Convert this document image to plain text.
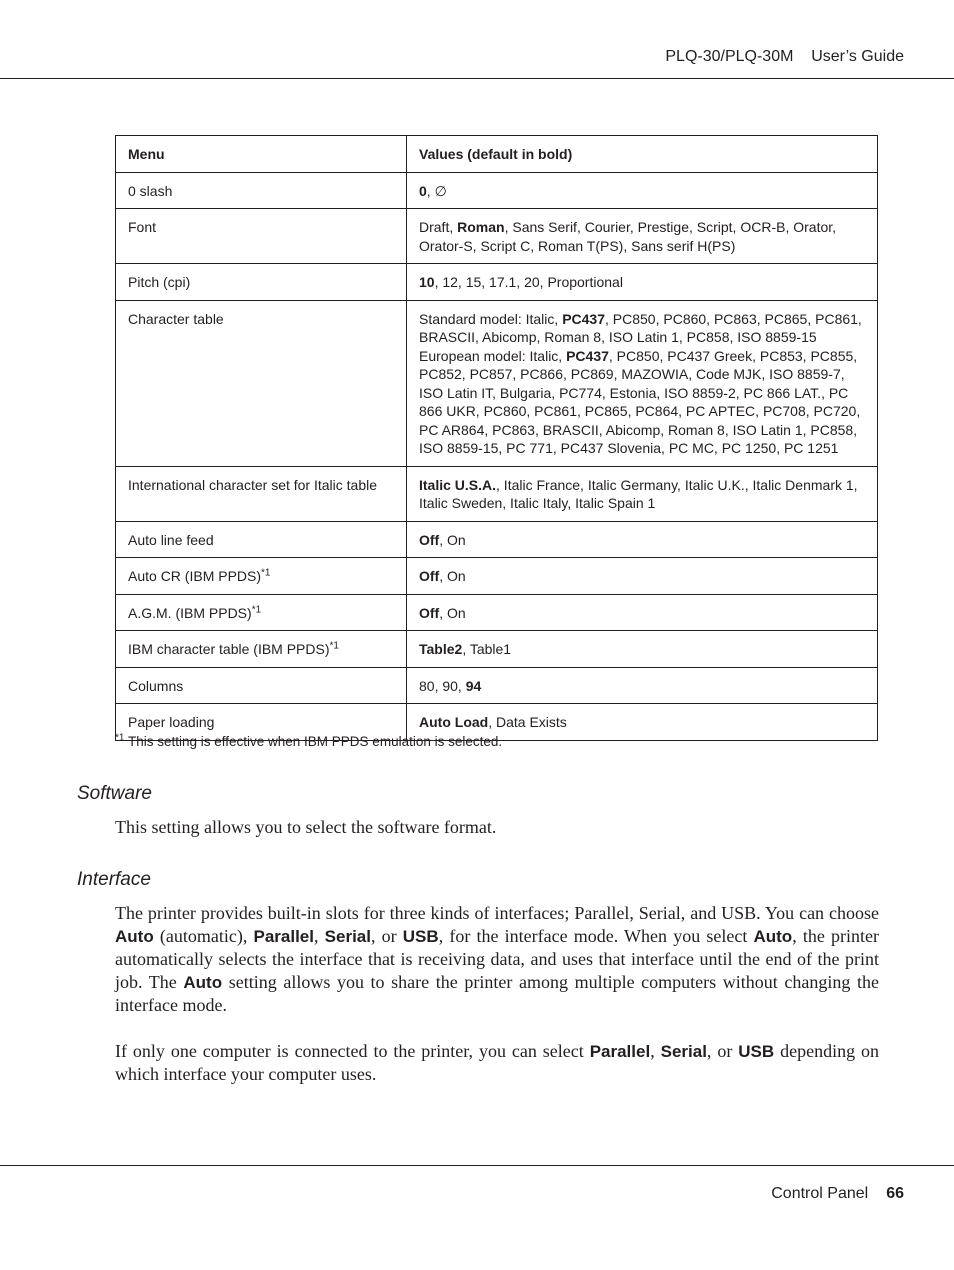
PLQ-30/PLQ-30M    User’s Guide
Menu	Values (default in bold)
0 slash	0, ∅
Font	Draft, Roman, Sans Serif, Courier, Prestige, Script, OCR-B, Orator, Orator-S, Script C, Roman T(PS), Sans serif H(PS)
Pitch (cpi)	10, 12, 15, 17.1, 20, Proportional
Character table	Standard model: Italic, PC437, PC850, PC860, PC863, PC865, PC861, BRASCII, Abicomp, Roman 8, ISO Latin 1, PC858, ISO 8859-15
European model: Italic, PC437, PC850, PC437 Greek, PC853, PC855, PC852, PC857, PC866, PC869, MAZOWIA, Code MJK, ISO 8859-7, ISO Latin IT, Bulgaria, PC774, Estonia, ISO 8859-2, PC 866 LAT., PC 866 UKR, PC860, PC861, PC865, PC864, PC APTEC, PC708, PC720, PC AR864, PC863, BRASCII, Abicomp, Roman 8, ISO Latin 1, PC858, ISO 8859-15, PC 771, PC437 Slovenia, PC MC, PC 1250, PC 1251
International character set for Italic table	Italic U.S.A., Italic France, Italic Germany, Italic U.K., Italic Denmark 1, Italic Sweden, Italic Italy, Italic Spain 1
Auto line feed	Off, On
Auto CR (IBM PPDS)$^{*1}$	Off, On
A.G.M. (IBM PPDS)$^{*1}$	Off, On
IBM character table (IBM PPDS)$^{*1}$	Table2, Table1
Columns	80, 90, 94
Paper loading	Auto Load, Data Exists
$^{*1}$ This setting is effective when IBM PPDS emulation is selected.
Software

This setting allows you to select the software format.

Interface

The printer provides built-in slots for three kinds of interfaces; Parallel, Serial, and USB. You can choose Auto (automatic), Parallel, Serial, or USB, for the interface mode. When you select Auto, the printer automatically selects the interface that is receiving data, and uses that interface until the end of the print job. The Auto setting allows you to share the printer among multiple computers without changing the interface mode.

If only one computer is connected to the printer, you can select Parallel, Serial, or USB depending on which interface your computer uses.

Control Panel 66
